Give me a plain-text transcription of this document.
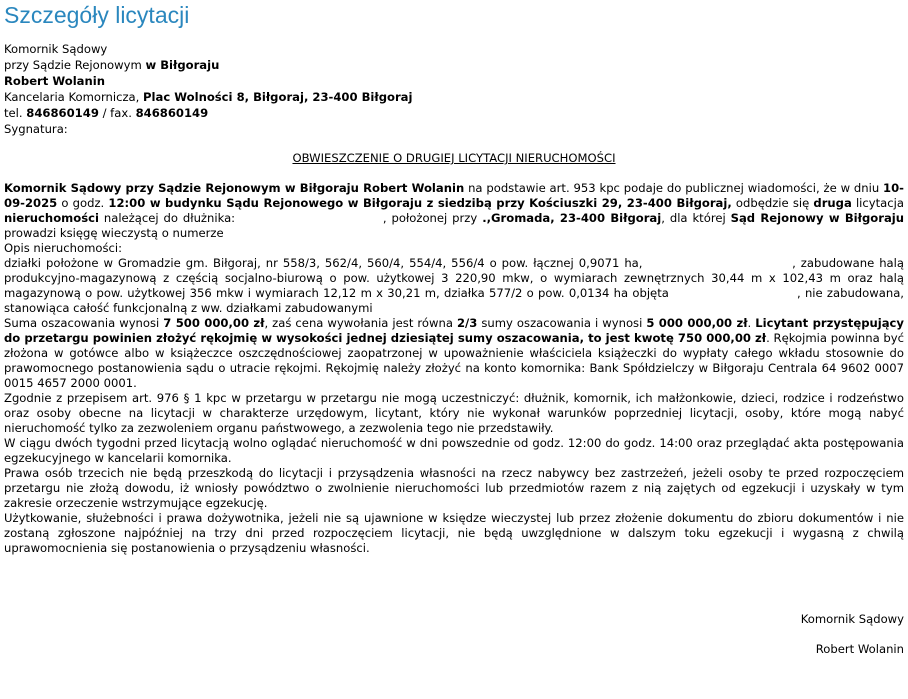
Szczegóły licytacji
Komornik Sądowy
przy Sądzie Rejonowym w Biłgoraju
Robert Wolanin
Kancelaria Komornicza, Plac Wolności 8, Biłgoraj, 23-400 Biłgoraj
tel. 846860149 / fax. 846860149
Sygnatura:
OBWIESZCZENIE O DRUGIEJ LICYTACJI NIERUCHOMOŚCI
Komornik Sądowy przy Sądzie Rejonowym w Biłgoraju Robert Wolanin na podstawie art. 953 kpc podaje do publicznej wiadomości, że w dniu 10-09-2025 o godz. 12:00 w budynku Sądu Rejonowego w Biłgoraju z siedzibą przy Kościuszki 29, 23-400 Biłgoraj, odbędzie się druga licytacja nieruchomości należącej do dłużnika:                              , położonej przy .,Gromada, 23-400 Biłgoraj, dla której Sąd Rejonowy w Biłgoraju prowadzi księgę wieczystą o numerze
Opis nieruchomości:
działki położone w Gromadzie gm. Biłgoraj, nr 558/3, 562/4, 560/4, 554/4, 556/4 o pow. łącznej 0,9071 ha,                              , zabudowane halą produkcyjno-magazynową z częścią socjalno-biurową o pow. użytkowej 3 220,90 mkw, o wymiarach zewnętrznych 30,44 m x 102,43 m oraz halą magazynową o pow. użytkowej 356 mkw i wymiarach 12,12 m x 30,21 m, działka 577/2 o pow. 0,0134 ha objęta                              , nie zabudowana, stanowiąca całość funkcjonalną z ww. działkami zabudowanymi
Suma oszacowania wynosi 7 500 000,00 zł, zaś cena wywołania jest równa 2/3 sumy oszacowania i wynosi 5 000 000,00 zł. Licytant przystępujący do przetargu powinien złożyć rękojmię w wysokości jednej dziesiątej sumy oszacowania, to jest kwotę 750 000,00 zł. Rękojmia powinna być złożona w gotówce albo w książeczce oszczędnościowej zaopatrzonej w upoważnienie właściciela książeczki do wypłaty całego wkładu stosownie do prawomocnego postanowienia sądu o utracie rękojmi. Rękojmię należy złożyć na konto komornika: Bank Spółdzielczy w Biłgoraju Centrala 64 9602 0007 0015 4657 2000 0001.
Zgodnie z przepisem art. 976 § 1 kpc w przetargu w przetargu nie mogą uczestniczyć: dłużnik, komornik, ich małżonkowie, dzieci, rodzice i rodzeństwo oraz osoby obecne na licytacji w charakterze urzędowym, licytant, który nie wykonał warunków poprzedniej licytacji, osoby, które mogą nabyć nieruchomość tylko za zezwoleniem organu państwowego, a zezwolenia tego nie przedstawiły.
W ciągu dwóch tygodni przed licytacją wolno oglądać nieruchomość w dni powszednie od godz. 12:00 do godz. 14:00 oraz przeglądać akta postępowania egzekucyjnego w kancelarii komornika.
Prawa osób trzecich nie będą przeszkodą do licytacji i przysądzenia własności na rzecz nabywcy bez zastrzeżeń, jeżeli osoby te przed rozpoczęciem przetargu nie złożą dowodu, iż wniosły powództwo o zwolnienie nieruchomości lub przedmiotów razem z nią zajętych od egzekucji i uzyskały w tym zakresie orzeczenie wstrzymujące egzekucję.
Użytkowanie, służebności i prawa dożywotnika, jeżeli nie są ujawnione w księdze wieczystej lub przez złożenie dokumentu do zbioru dokumentów i nie zostaną zgłoszone najpóźniej na trzy dni przed rozpoczęciem licytacji, nie będą uwzględnione w dalszym toku egzekucji i wygasną z chwilą uprawomocnienia się postanowienia o przysądzeniu własności.
Komornik Sądowy
Robert Wolanin
